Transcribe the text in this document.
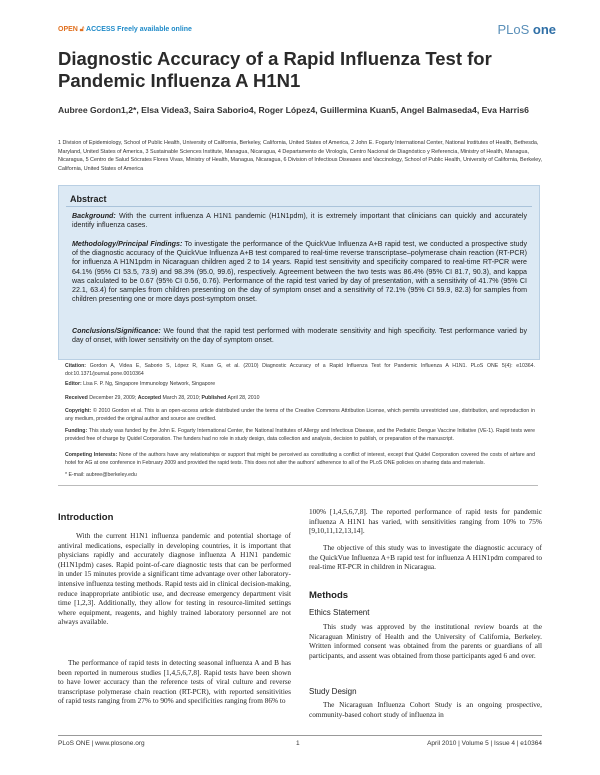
OPEN 🔓︎ ACCESS Freely available online	PLoS one
Diagnostic Accuracy of a Rapid Influenza Test for Pandemic Influenza A H1N1
Aubree Gordon1,2*, Elsa Videa3, Saira Saborio4, Roger López4, Guillermina Kuan5, Angel Balmaseda4, Eva Harris6
1 Division of Epidemiology, School of Public Health, University of California, Berkeley, California, United States of America, 2 John E. Fogarty International Center, National Institutes of Health, Bethesda, Maryland, United States of America, 3 Sustainable Sciences Institute, Managua, Nicaragua, 4 Departamento de Virología, Centro Nacional de Diagnóstico y Referencia, Ministry of Health, Managua, Nicaragua, 5 Centro de Salud Sócrates Flores Vivas, Ministry of Health, Managua, Nicaragua, 6 Division of Infectious Diseases and Vaccinology, School of Public Health, University of California, Berkeley, California, United States of America
Abstract
Background: With the current influenza A H1N1 pandemic (H1N1pdm), it is extremely important that clinicians can quickly and accurately identify influenza cases.
Methodology/Principal Findings: To investigate the performance of the QuickVue Influenza A+B rapid test, we conducted a prospective study of the diagnostic accuracy of the QuickVue Influenza A+B test compared to real-time reverse transcriptase–polymerase chain reaction (RT-PCR) for influenza A H1N1pdm in Nicaraguan children aged 2 to 14 years. Rapid test sensitivity and specificity compared to real-time RT-PCR were 64.1% (95% CI 53.5, 73.9) and 98.3% (95.0, 99.6), respectively. Agreement between the two tests was 86.4% (95% CI 81.7, 90.3), and kappa was calculated to be 0.67 (95% CI 0.56, 0.76). Performance of the rapid test varied by day of presentation, with a sensitivity of 41.7% (95% CI 22.1, 63.4) for samples from children presenting on the day of symptom onset and a sensitivity of 72.1% (95% CI 59.9, 82.3) for samples from children presenting one or more days post-symptom onset.
Conclusions/Significance: We found that the rapid test performed with moderate sensitivity and high specificity. Test performance varied by day of onset, with lower sensitivity on the day of symptom onset.
Citation: Gordon A, Videa E, Saborio S, López R, Kuan G, et al. (2010) Diagnostic Accuracy of a Rapid Influenza Test for Pandemic Influenza A H1N1. PLoS ONE 5(4): e10364. doi:10.1371/journal.pone.0010364
Editor: Lisa F. P. Ng, Singapore Immunology Network, Singapore
Received December 29, 2009; Accepted March 28, 2010; Published April 28, 2010
Copyright: © 2010 Gordon et al. This is an open-access article distributed under the terms of the Creative Commons Attribution License, which permits unrestricted use, distribution, and reproduction in any medium, provided the original author and source are credited.
Funding: This study was funded by the John E. Fogarty International Center, the National Institutes of Allergy and Infectious Disease, and the Pediatric Dengue Vaccine Initiative (VE-1). Rapid tests were provided free of charge by Quidel Corporation. The funders had no role in study design, data collection and analysis, decision to publish, or preparation of the manuscript.
Competing Interests: None of the authors have any relationships or support that might be perceived as constituting a conflict of interest, except that Quidel Corporation covered the costs of airfare and hotel for AG at one conference in February 2009 and provided the rapid tests. This does not alter the authors' adherence to all of the PLoS ONE policies on sharing data and materials.
* E-mail: aubree@berkeley.edu
Introduction
With the current H1N1 influenza pandemic and potential shortage of antiviral medications, especially in developing countries, it is important that physicians rapidly and accurately diagnose influenza A H1N1 pandemic (H1N1pdm) cases. Rapid point-of-care diagnostic tests that can be performed in under 15 minutes provide a significant time advantage over other laboratory-intensive influenza testing methods. Rapid tests aid in clinical decision-making, reduce inappropriate antibiotic use, and decrease emergency department visit time [1,2,3]. Additionally, they allow for testing in resource-limited settings where equipment, reagents, and highly trained laboratory personnel are not always available.
The performance of rapid tests in detecting seasonal influenza A and B has been reported in numerous studies [1,4,5,6,7,8]. Rapid tests have been shown to have lower accuracy than the reference tests of viral culture and reverse transcriptase polymerase chain reaction (RT-PCR), with reported sensitivities of rapid tests ranging from 27% to 90% and specificities ranging from 86% to
100% [1,4,5,6,7,8]. The reported performance of rapid tests for pandemic influenza A H1N1 has varied, with sensitivities ranging from 10% to 75% [9,10,11,12,13,14].
The objective of this study was to investigate the diagnostic accuracy of the QuickVue Influenza A+B rapid test for influenza A H1N1pdm compared to real-time RT-PCR in children in Nicaragua.
Methods
Ethics Statement
This study was approved by the institutional review boards at the Nicaraguan Ministry of Health and the University of California, Berkeley. Written informed consent was obtained from the parents or guardians of all participants, and assent was obtained from those participants aged 6 and over.
Study Design
The Nicaraguan Influenza Cohort Study is an ongoing prospective, community-based cohort study of influenza in
PLoS ONE | www.plosone.org	1	April 2010 | Volume 5 | Issue 4 | e10364
